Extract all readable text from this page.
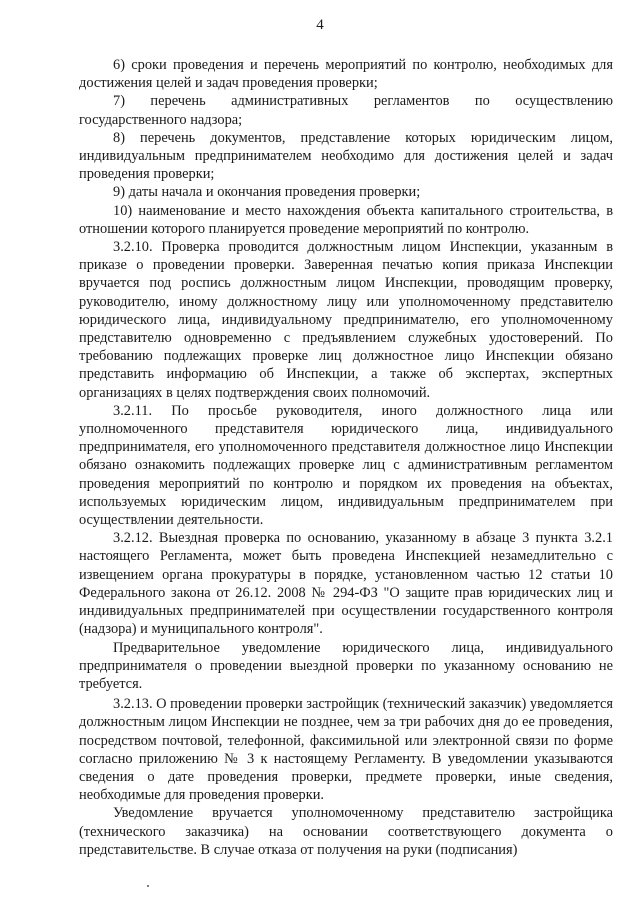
4

6) сроки проведения и перечень мероприятий по контролю, необходимых для достижения целей и задач проведения проверки;

7) перечень административных регламентов по осуществлению государственного надзора;

8) перечень документов, представление которых юридическим лицом, индивидуальным предпринимателем необходимо для достижения целей и задач проведения проверки;

9) даты начала и окончания проведения проверки;

10) наименование и место нахождения объекта капитального строительства, в отношении которого планируется проведение мероприятий по контролю.

3.2.10. Проверка проводится должностным лицом Инспекции, указанным в приказе о проведении проверки. Заверенная печатью копия приказа Инспекции вручается под роспись должностным лицом Инспекции, проводящим проверку, руководителю, иному должностному лицу или уполномоченному представителю юридического лица, индивидуальному предпринимателю, его уполномоченному представителю одновременно с предъявлением служебных удостоверений. По требованию подлежащих проверке лиц должностное лицо Инспекции обязано представить информацию об Инспекции, а также об экспертах, экспертных организациях в целях подтверждения своих полномочий.

3.2.11. По просьбе руководителя, иного должностного лица или уполномоченного представителя юридического лица, индивидуального предпринимателя, его уполномоченного представителя должностное лицо Инспекции обязано ознакомить подлежащих проверке лиц с административным регламентом проведения мероприятий по контролю и порядком их проведения на объектах, используемых юридическим лицом, индивидуальным предпринимателем при осуществлении деятельности.

3.2.12. Выездная проверка по основанию, указанному в абзаце 3 пункта 3.2.1 настоящего Регламента, может быть проведена Инспекцией незамедлительно с извещением органа прокуратуры в порядке, установленном частью 12 статьи 10 Федерального закона от 26.12. 2008 № 294-ФЗ "О защите прав юридических лиц и индивидуальных предпринимателей при осуществлении государственного контроля (надзора) и муниципального контроля".

Предварительное уведомление юридического лица, индивидуального предпринимателя о проведении выездной проверки по указанному основанию не требуется.

3.2.13. О проведении проверки застройщик (технический заказчик) уведомляется должностным лицом Инспекции не позднее, чем за три рабочих дня до ее проведения, посредством почтовой, телефонной, факсимильной или электронной связи по форме согласно приложению № 3 к настоящему Регламенту. В уведомлении указываются сведения о дате проведения проверки, предмете проверки, иные сведения, необходимые для проведения проверки.

Уведомление вручается уполномоченному представителю застройщика (технического заказчика) на основании соответствующего документа о представительстве. В случае отказа от получения на руки (подписания)
